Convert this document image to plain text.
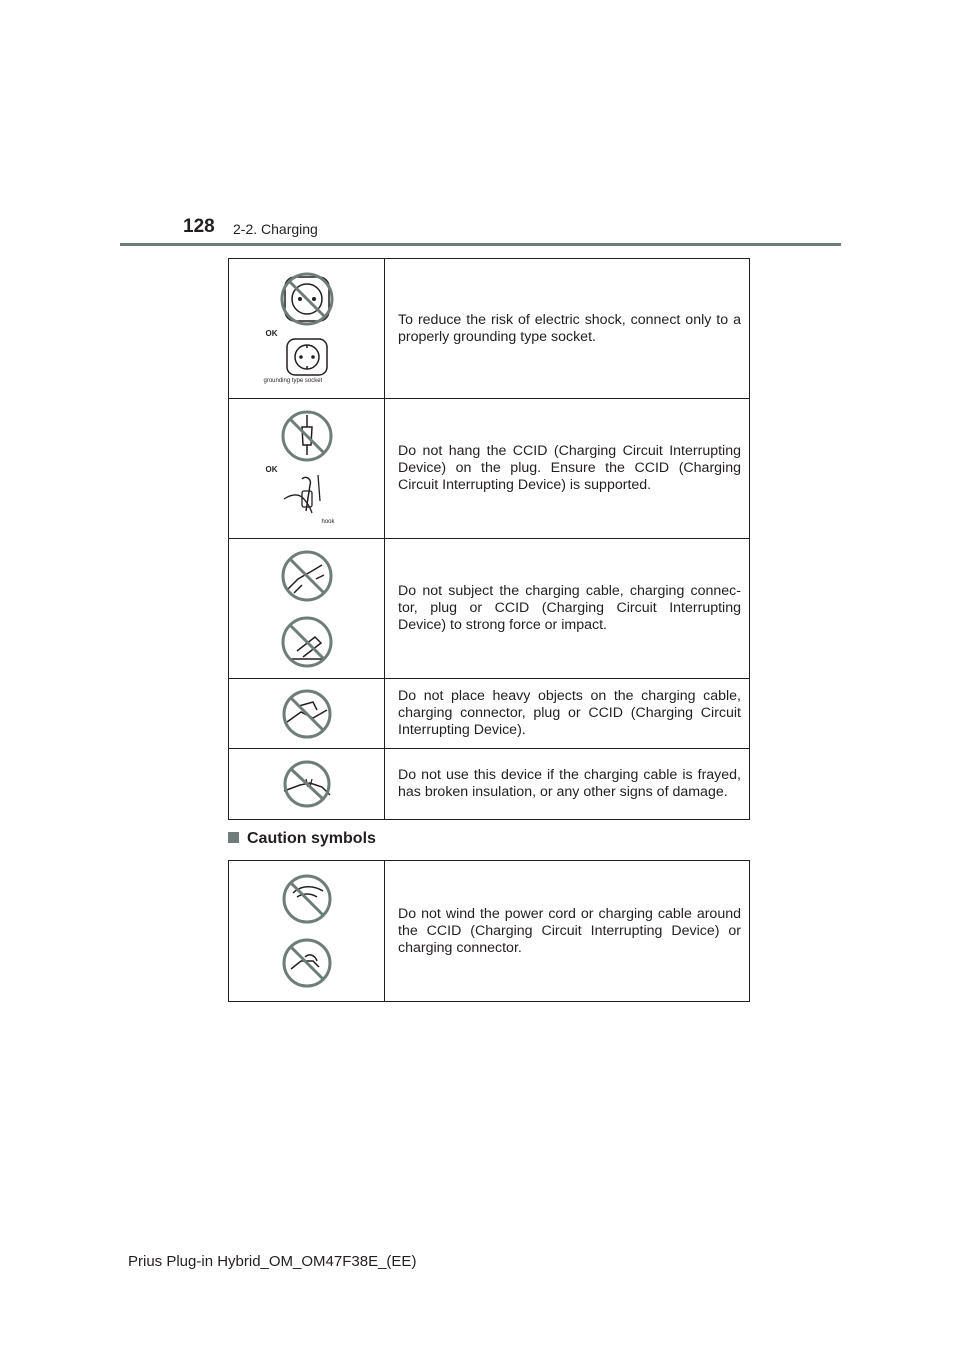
128 2-2. Charging
OK
grounding type socket	To reduce the risk of electric shock, connect only to a properly grounding type socket.

OK
hook	Do not hang the CCID (Charging Circuit Interrupting Device) on the plug. Ensure the CCID (Charging Circuit Interrupting Device) is supported.

	Do not subject the charging cable, charging connec-tor, plug or CCID (Charging Circuit Interrupting Device) to strong force or impact.

	Do not place heavy objects on the charging cable, charging connector, plug or CCID (Charging Circuit Interrupting Device).

	Do not use this device if the charging cable is frayed, has broken insulation, or any other signs of damage.
Caution symbols
	Do not wind the power cord or charging cable around the CCID (Charging Circuit Interrupting Device) or charging connector.
Prius Plug-in Hybrid_OM_OM47F38E_(EE)
